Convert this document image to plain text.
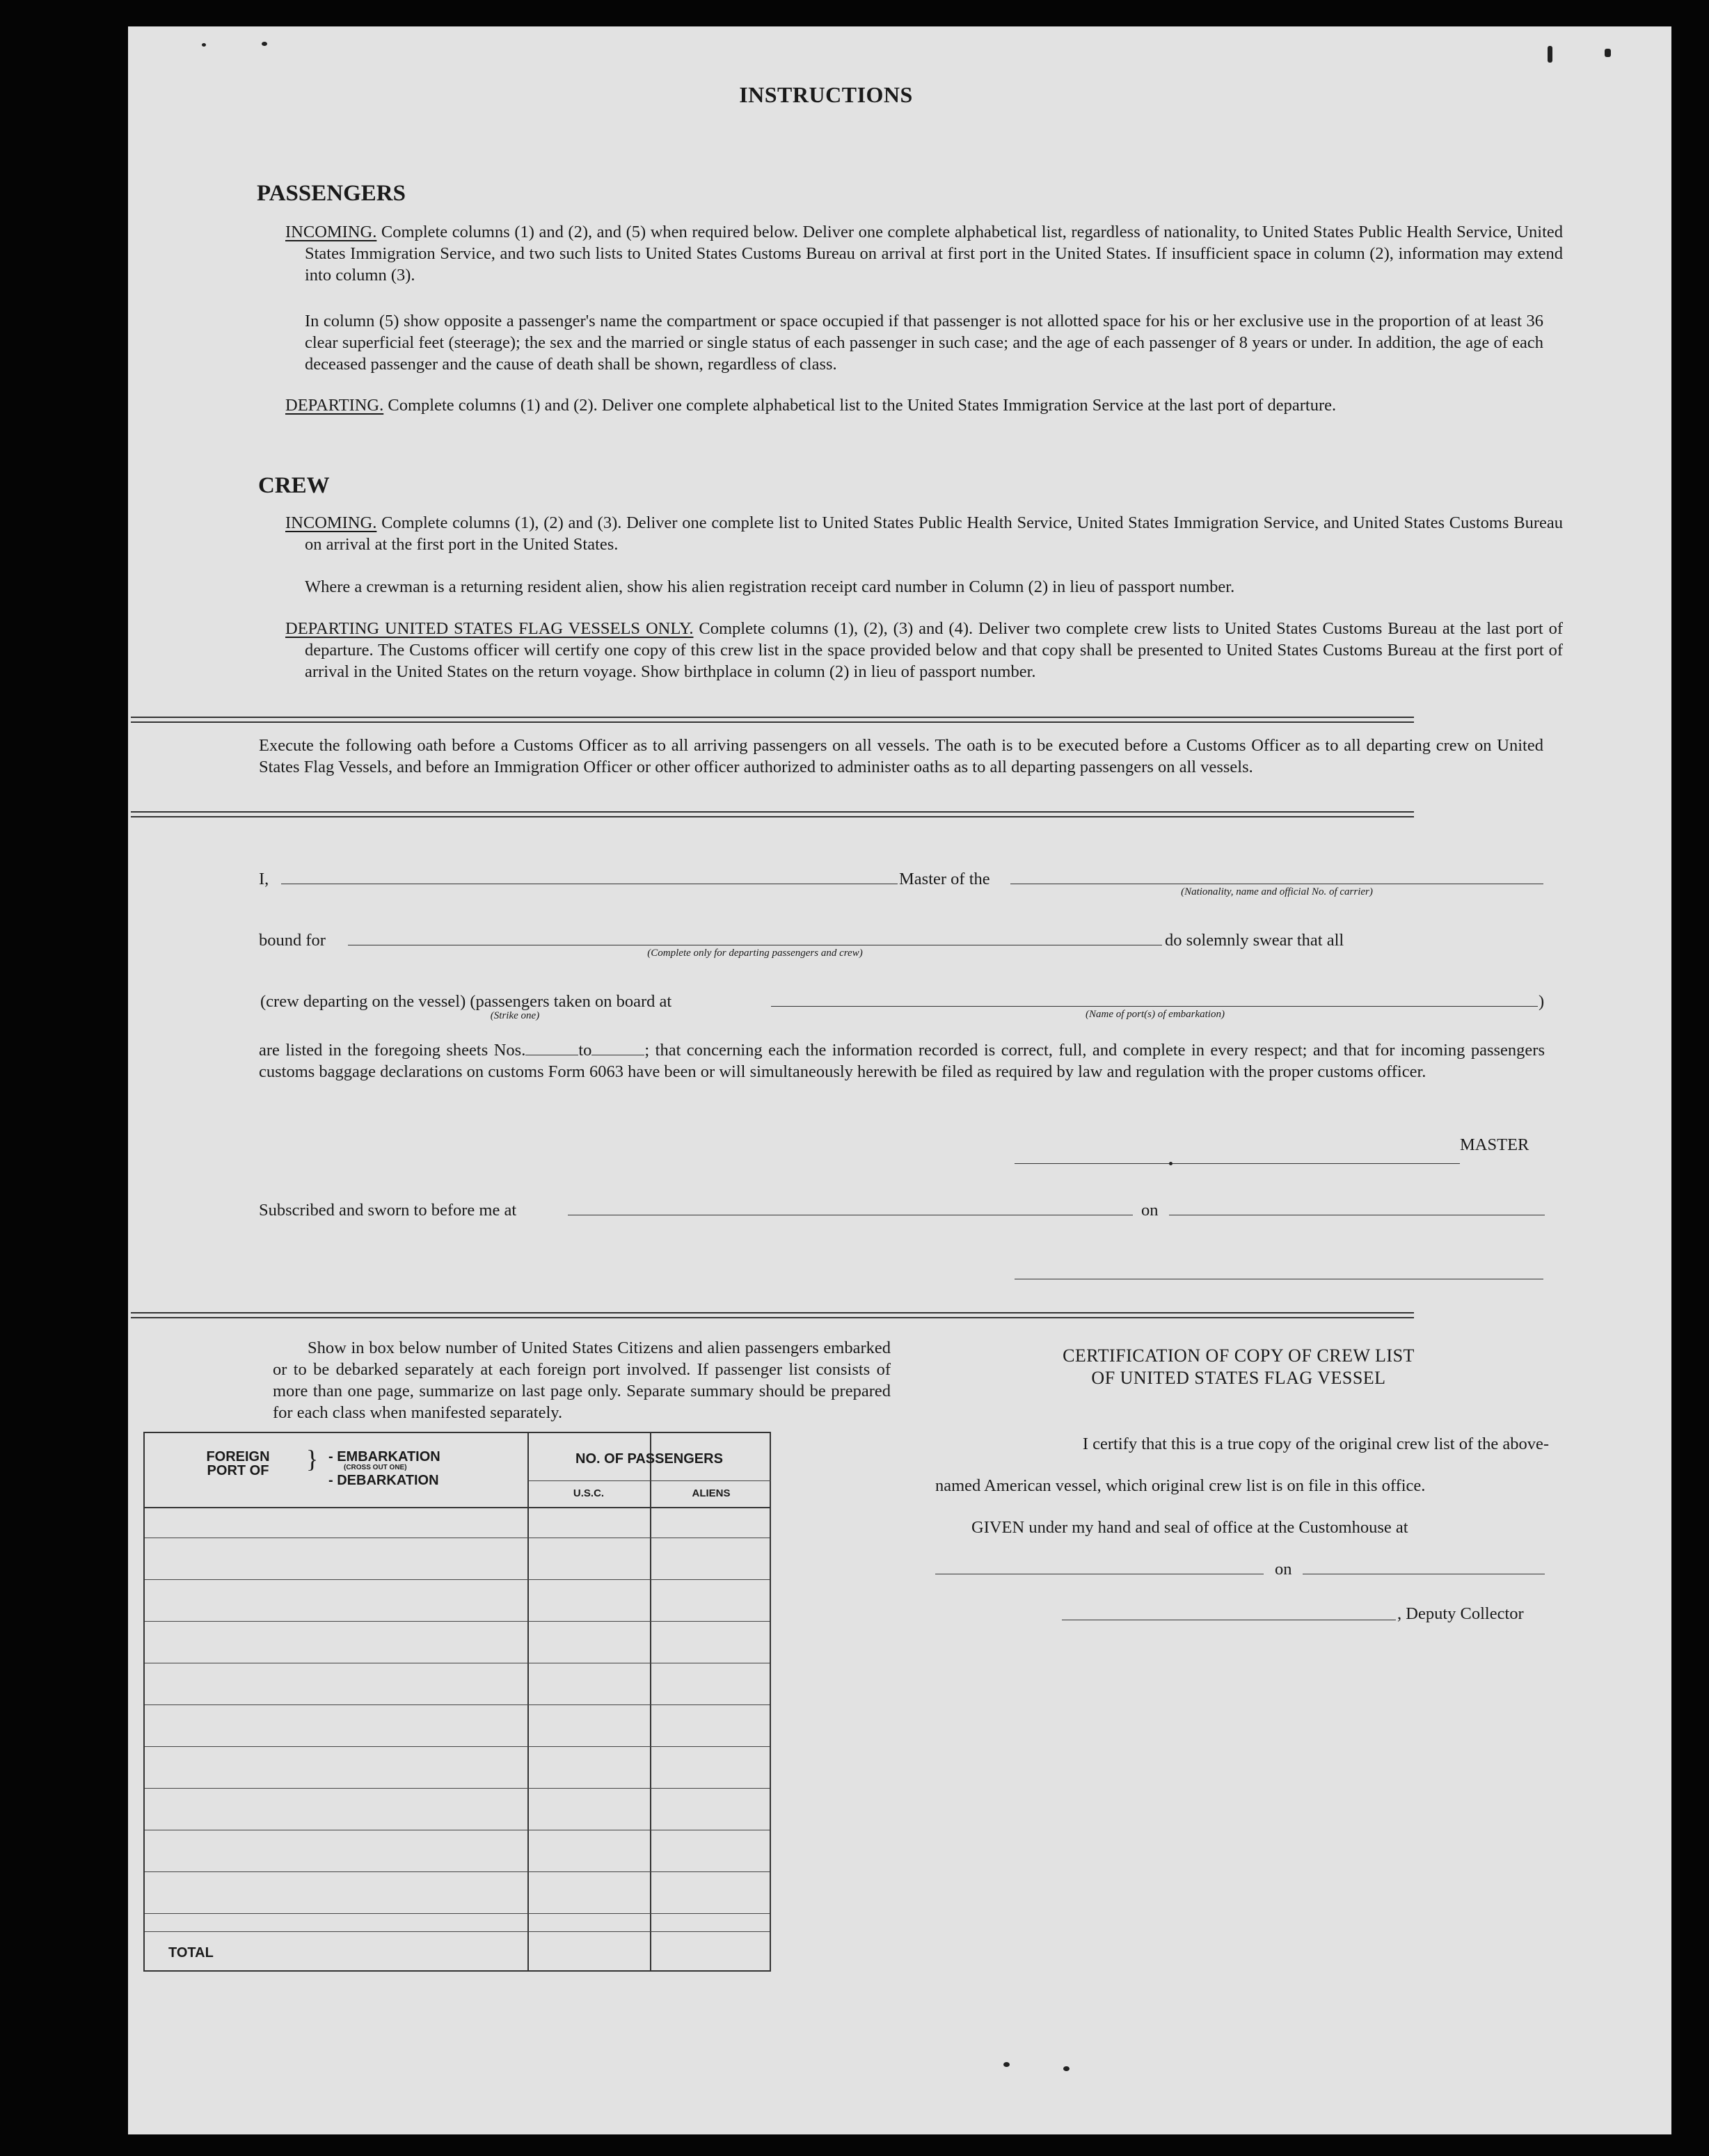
INSTRUCTIONS
PASSENGERS
INCOMING. Complete columns (1) and (2), and (5) when required below. Deliver one complete alphabetical list, regardless of nationality, to United States Public Health Service, United States Immigration Service, and two such lists to United States Customs Bureau on arrival at first port in the United States. If insufficient space in column (2), information may extend into column (3).
In column (5) show opposite a passenger's name the compartment or space occupied if that passenger is not allotted space for his or her exclusive use in the proportion of at least 36 clear superficial feet (steerage); the sex and the married or single status of each passenger in such case; and the age of each passenger of 8 years or under. In addition, the age of each deceased passenger and the cause of death shall be shown, regardless of class.
DEPARTING. Complete columns (1) and (2). Deliver one complete alphabetical list to the United States Immigration Service at the last port of departure.
CREW
INCOMING. Complete columns (1), (2) and (3). Deliver one complete list to United States Public Health Service, United States Immigration Service, and United States Customs Bureau on arrival at the first port in the United States.
Where a crewman is a returning resident alien, show his alien registration receipt card number in Column (2) in lieu of passport number.
DEPARTING UNITED STATES FLAG VESSELS ONLY. Complete columns (1), (2), (3) and (4). Deliver two complete crew lists to United States Customs Bureau at the last port of departure. The Customs officer will certify one copy of this crew list in the space provided below and that copy shall be presented to United States Customs Bureau at the first port of arrival in the United States on the return voyage. Show birthplace in column (2) in lieu of passport number.
Execute the following oath before a Customs Officer as to all arriving passengers on all vessels. The oath is to be executed before a Customs Officer as to all departing crew on United States Flag Vessels, and before an Immigration Officer or other officer authorized to administer oaths as to all departing passengers on all vessels.
I,	Master of the
(Nationality, name and official No. of carrier)
bound for
(Complete only for departing passengers and crew)
do solemnly swear that all
(crew departing on the vessel) (passengers taken on board at
(Strike one)
)
(Name of port(s) of embarkation)
are listed in the foregoing sheets Nos.	to	; that concerning each the information recorded is correct, full, and complete in every respect; and that for incoming passengers customs baggage declarations on customs Form 6063 have been or will simultaneously herewith be filed as required by law and regulation with the proper customs officer.
MASTER
Subscribed and sworn to before me at	on
Show in box below number of United States Citizens and alien passengers embarked or to be debarked separately at each foreign port involved. If passenger list consists of more than one page, summarize on last page only. Separate summary should be prepared for each class when manifested separately.
FOREIGN PORT OF	} - EMBARKATION
(CROSS OUT ONE)
- DEBARKATION
NO. OF PASSENGERS
U.S.C.	ALIENS
TOTAL
CERTIFICATION OF COPY OF CREW LIST
OF UNITED STATES FLAG VESSEL
I certify that this is a true copy of the original crew list of the above-
named American vessel, which original crew list is on file in this office.
GIVEN under my hand and seal of office at the Customhouse at
on
, Deputy Collector
